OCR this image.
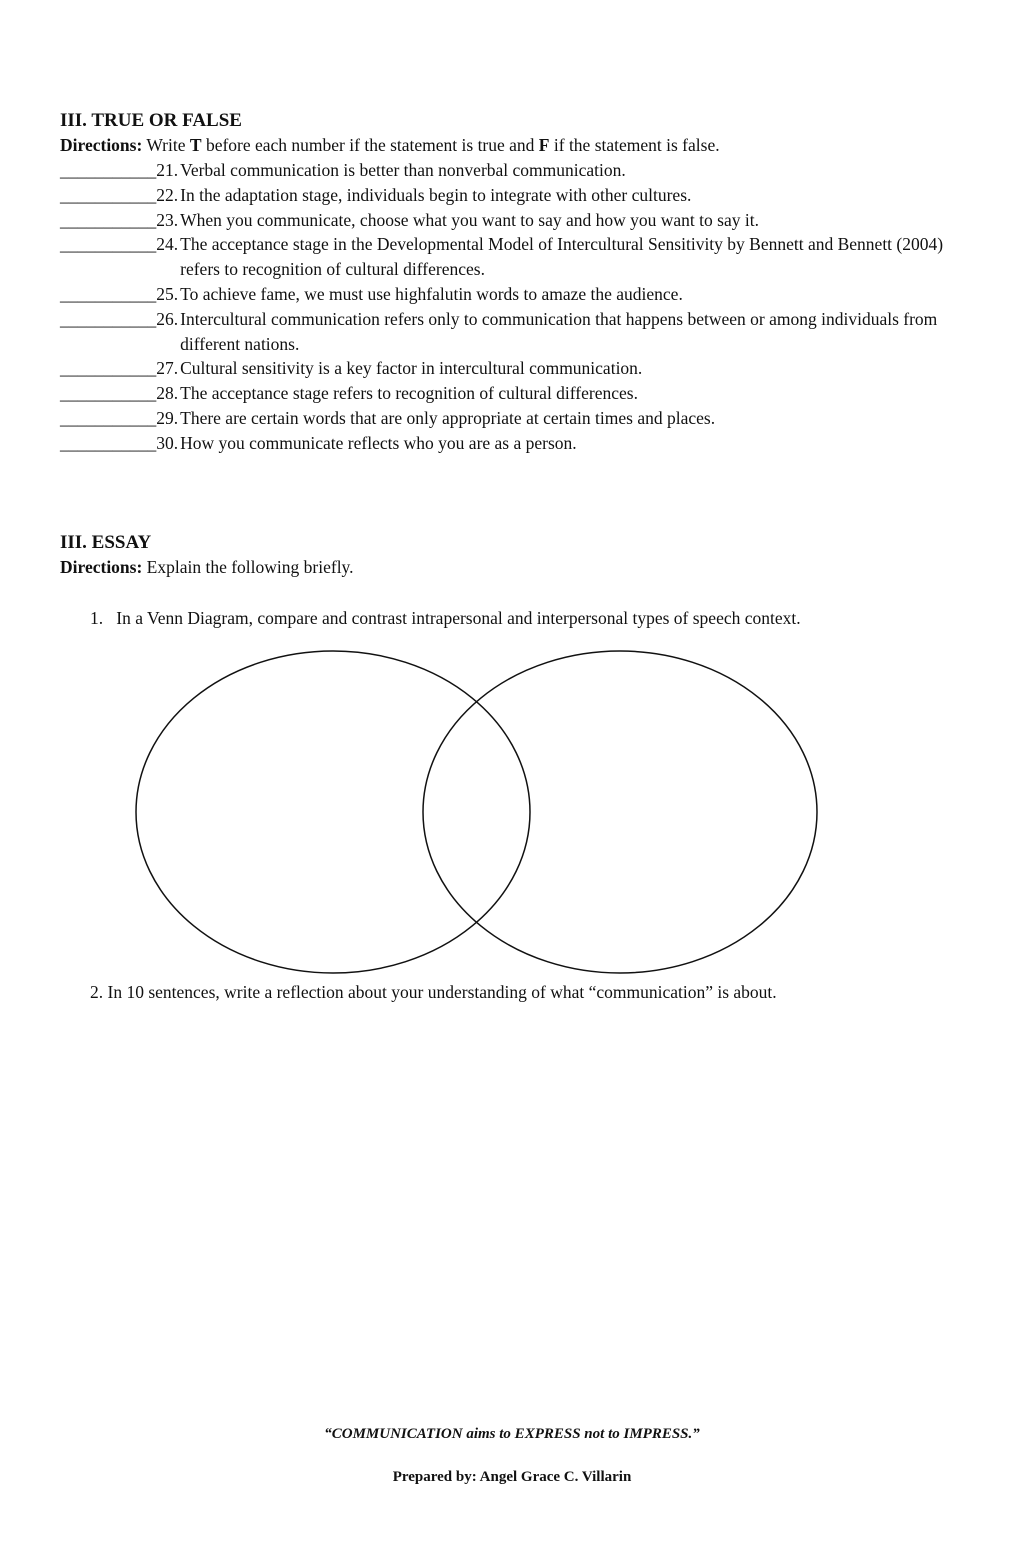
III. TRUE OR FALSE

Directions: Write T before each number if the statement is true and F if the statement is false.

___________ 21. Verbal communication is better than nonverbal communication.
___________ 22. In the adaptation stage, individuals begin to integrate with other cultures.
___________ 23. When you communicate, choose what you want to say and how you want to say it.
___________ 24. The acceptance stage in the Developmental Model of Intercultural Sensitivity by Bennett and Bennett (2004) refers to recognition of cultural differences.
___________ 25. To achieve fame, we must use highfalutin words to amaze the audience.
___________ 26. Intercultural communication refers only to communication that happens between or among individuals from different nations.
___________ 27. Cultural sensitivity is a key factor in intercultural communication.
___________ 28. The acceptance stage refers to recognition of cultural differences.
___________ 29. There are certain words that are only appropriate at certain times and places.
___________ 30. How you communicate reflects who you are as a person.

III. ESSAY

Directions: Explain the following briefly.

1. In a Venn Diagram, compare and contrast intrapersonal and interpersonal types of speech context.
2. In 10 sentences, write a reflection about your understanding of what “communication” is about.
“COMMUNICATION aims to EXPRESS not to IMPRESS.”
Prepared by: Angel Grace C. Villarin
